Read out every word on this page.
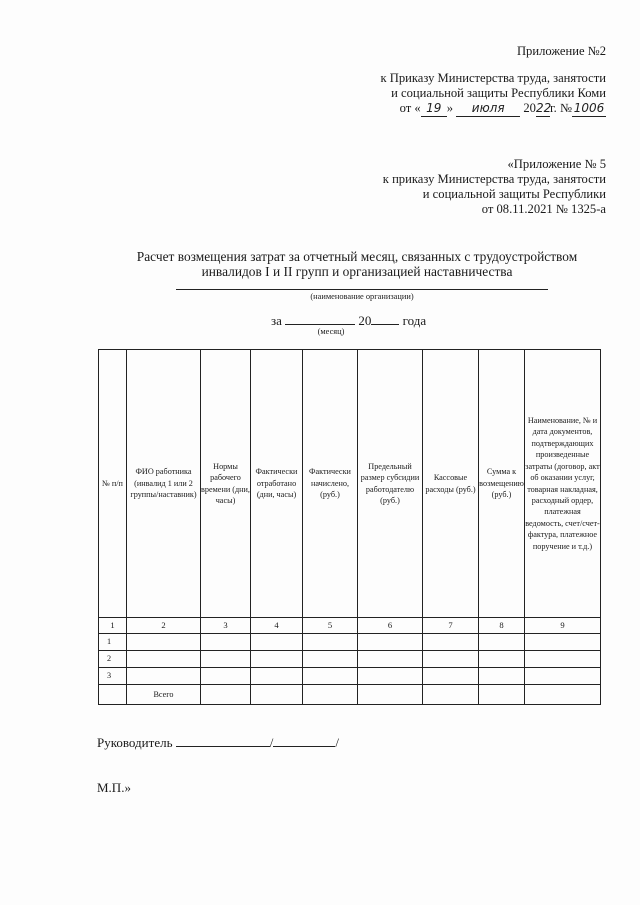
Приложение №2
к Приказу Министерства труда, занятости
и социальной защиты Республики Коми
от « 19 » июля 2022г. № 1006
«Приложение № 5
к приказу Министерства труда, занятости
и социальной защиты Республики
от 08.11.2021 № 1325-а
Расчет возмещения затрат за отчетный месяц, связанных с трудоустройством
инвалидов I и II групп и организацией наставничества
(наименование организации)
за	20 года
(месяц)
№ п/п	ФИО работника (инвалид 1 или 2 группы/наставник)	Нормы рабочего времени (дни, часы)	Фактически отработано (дни, часы)	Фактически начислено, (руб.)	Предельный размер субсидии работодателю (руб.)	Кассовые расходы (руб.)	Сумма к возмещению (руб.)	Наименование, № и дата документов, подтверждающих произведенные затраты (договор, акт об оказании услуг, товарная накладная, расходный ордер, платежная ведомость, счет/счет-фактура, платежное поручение и т.д.)
1	2	3	4	5	6	7	8	9
1								
2								
3								
	Всего							
Руководитель	/	/
М.П.»
